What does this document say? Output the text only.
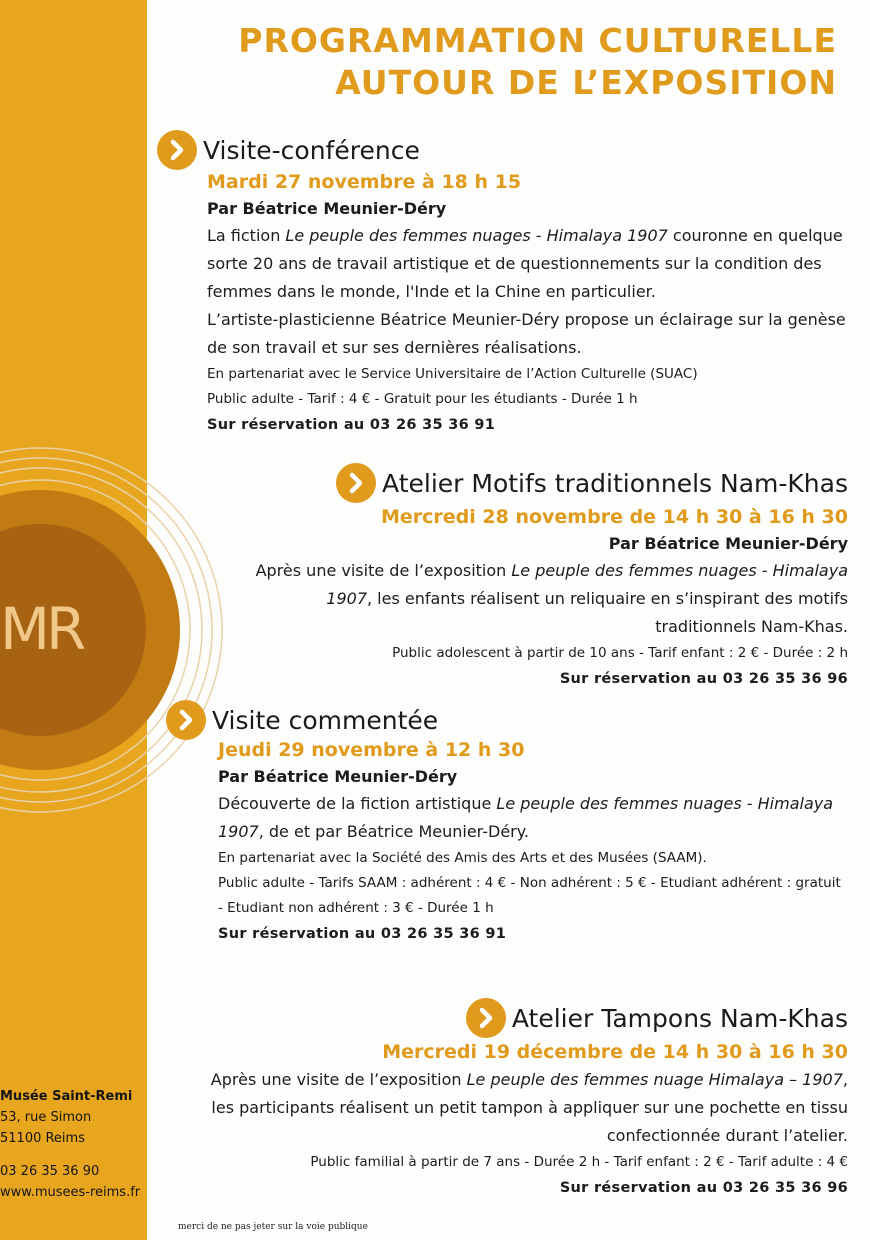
MR
PROGRAMMATION CULTURELLE
AUTOUR DE L’EXPOSITION
Visite-conférence
Mardi 27 novembre à 18 h 15
Par Béatrice Meunier-Déry
La fiction Le peuple des femmes nuages - Himalaya 1907 couronne en quelque sorte 20 ans de travail artistique et de questionnements sur la condition des femmes dans le monde, l'Inde et la Chine en particulier.
L’artiste-plasticienne Béatrice Meunier-Déry propose un éclairage sur la genèse de son travail et sur ses dernières réalisations.
En partenariat avec le Service Universitaire de l’Action Culturelle (SUAC)
Public adulte - Tarif : 4 € - Gratuit pour les étudiants - Durée 1 h
Sur réservation au 03 26 35 36 91
Atelier Motifs traditionnels Nam-Khas
Mercredi 28 novembre de 14 h 30 à 16 h 30
Par Béatrice Meunier-Déry
Après une visite de l’exposition Le peuple des femmes nuages - Himalaya 1907, les enfants réalisent un reliquaire en s’inspirant des motifs traditionnels Nam-Khas.
Public adolescent à partir de 10 ans - Tarif enfant : 2 € - Durée : 2 h
Sur réservation au 03 26 35 36 96
Visite commentée
Jeudi 29 novembre à 12 h 30
Par Béatrice Meunier-Déry
Découverte de la fiction artistique Le peuple des femmes nuages - Himalaya 1907, de et par Béatrice Meunier-Déry.
En partenariat avec la Société des Amis des Arts et des Musées (SAAM).
Public adulte - Tarifs SAAM : adhérent : 4 € - Non adhérent : 5 € - Etudiant adhérent : gratuit - Etudiant non adhérent : 3 € - Durée 1 h
Sur réservation au 03 26 35 36 91
Atelier Tampons Nam-Khas
Mercredi 19 décembre de 14 h 30 à 16 h 30
Après une visite de l’exposition Le peuple des femmes nuage Himalaya – 1907, les participants réalisent un petit tampon à appliquer sur une pochette en tissu confectionnée durant l’atelier.
Public familial à partir de 7 ans - Durée 2 h - Tarif enfant : 2 € - Tarif adulte : 4 €
Sur réservation au 03 26 35 36 96
Musée Saint-Remi
53, rue Simon
51100 Reims
03 26 35 36 90
www.musees-reims.fr
merci de ne pas jeter sur la voie publique
